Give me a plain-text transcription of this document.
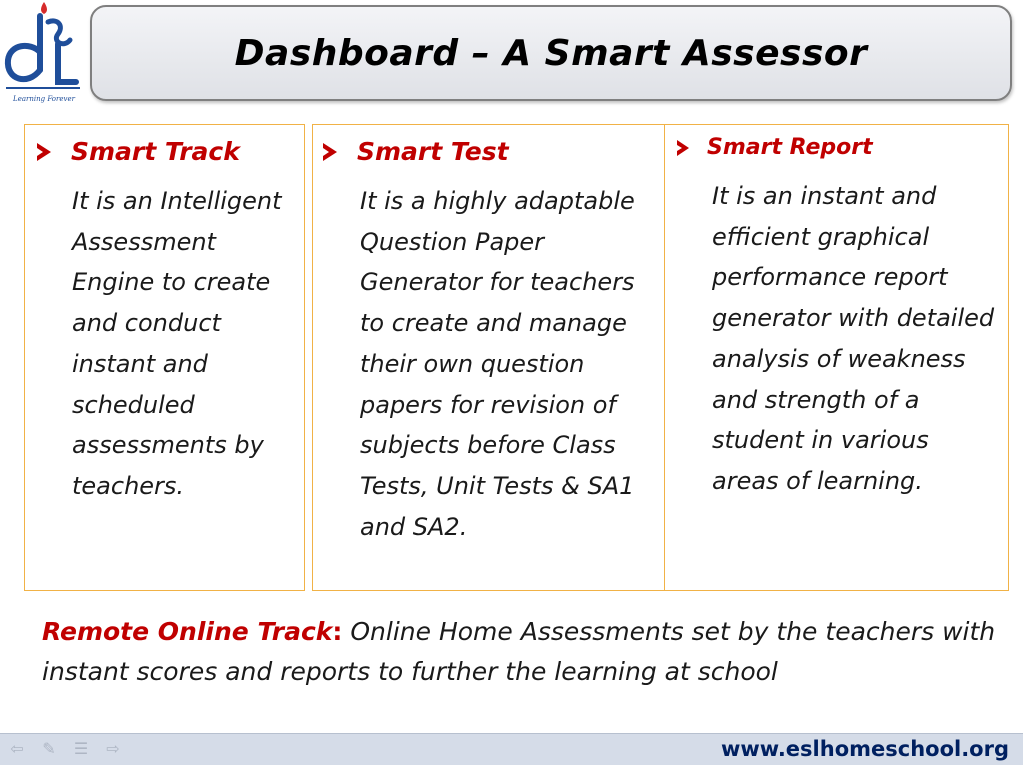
Learning Forever
Dashboard – A Smart Assessor
Smart Track
It is an Intelligent Assessment Engine to create and conduct instant and scheduled assessments by teachers.
Smart Test
It is a highly adaptable Question Paper Generator for teachers to create and manage their own question papers for revision of subjects before Class Tests, Unit Tests & SA1 and SA2.
Smart Report
It is an instant and efficient graphical performance report generator with detailed analysis of weakness and strength of a student in various areas of learning.
Remote Online Track: Online Home Assessments set by the teachers with instant scores and reports to further the learning at school
⇦ ✎ ☰ ⇨	www.eslhomeschool.org
